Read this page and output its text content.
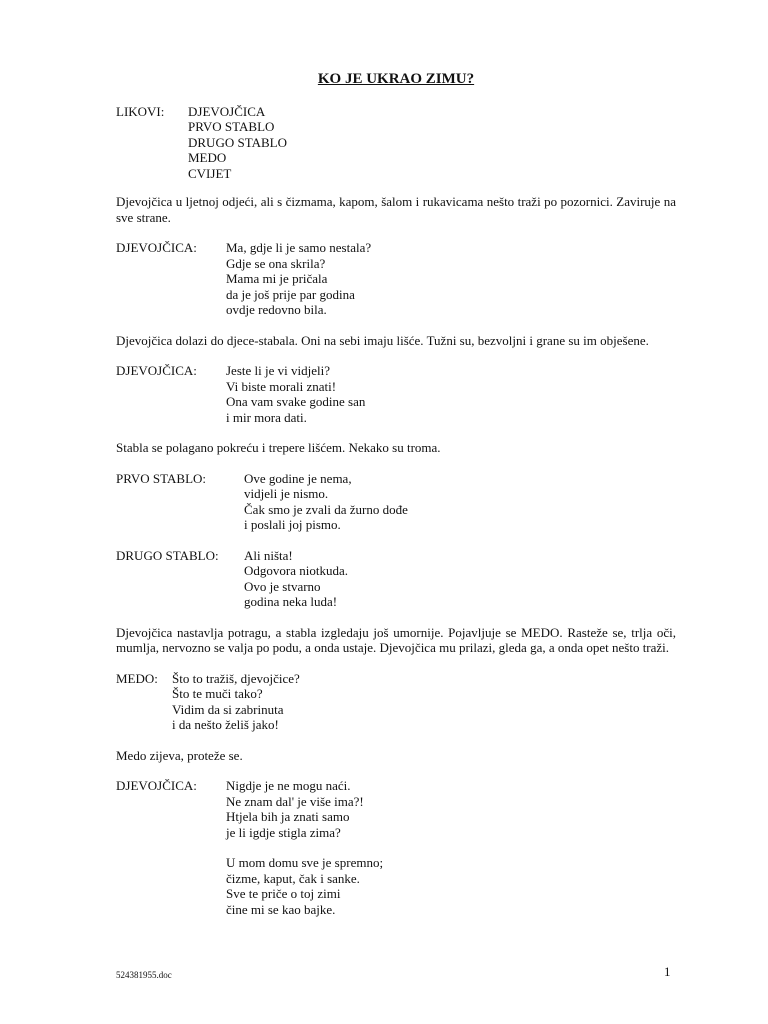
KO JE UKRAO ZIMU?
LIKOVI:	DJEVOJČICA
PRVO STABLO
DRUGO STABLO
MEDO
CVIJET
Djevojčica u ljetnoj odjeći, ali s čizmama, kapom, šalom i rukavicama nešto traži po pozornici. Zaviruje na sve strane.
DJEVOJČICA:	Ma, gdje li je samo nestala?
Gdje se ona skrila?
Mama mi je pričala
da je još prije par godina
ovdje redovno bila.
Djevojčica dolazi do djece-stabala. Oni na sebi imaju lišće. Tužni su, bezvoljni i grane su im obješene.
DJEVOJČICA:	Jeste li je vi vidjeli?
Vi biste morali znati!
Ona vam svake godine san
i mir mora dati.
Stabla se polagano pokreću i trepere lišćem. Nekako su troma.
PRVO STABLO:	Ove godine je nema,
vidjeli je nismo.
Čak smo je zvali da žurno dođe
i poslali joj pismo.
DRUGO STABLO:	Ali ništa!
Odgovora niotkuda.
Ovo je stvarno
godina neka luda!
Djevojčica nastavlja potragu, a stabla izgledaju još umornije. Pojavljuje se MEDO. Rasteže se, trlja oči, mumlja, nervozno se valja po podu, a onda ustaje. Djevojčica mu prilazi, gleda ga, a onda opet nešto traži.
MEDO:	Što to tražiš, djevojčice?
Što te muči tako?
Vidim da si zabrinuta
i da nešto želiš jako!
Medo zijeva, proteže se.
DJEVOJČICA:	Nigdje je ne mogu naći.
Ne znam dal' je više ima?!
Htjela bih ja znati samo
je li igdje stigla zima?
U mom domu sve je spremno;
čizme, kaput, čak i sanke.
Sve te priče o toj zimi
čine mi se kao bajke.
524381955.doc	1
